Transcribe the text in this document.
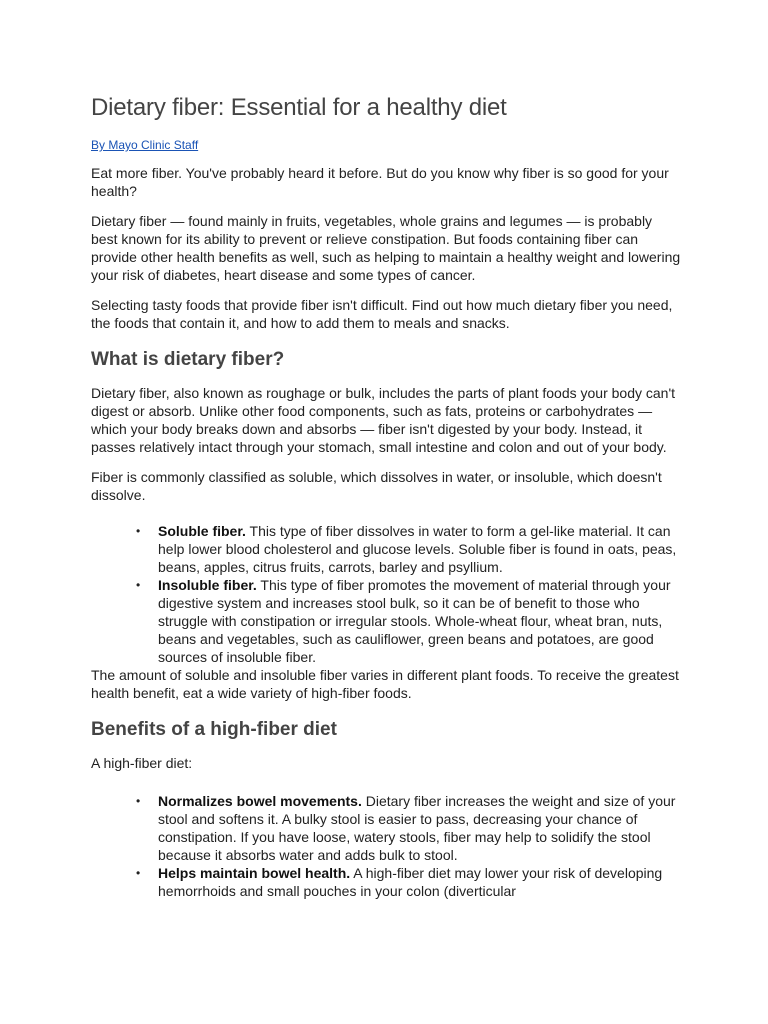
Dietary fiber: Essential for a healthy diet
By Mayo Clinic Staff

Eat more fiber. You've probably heard it before. But do you know why fiber is so good for your health?

Dietary fiber — found mainly in fruits, vegetables, whole grains and legumes — is probably best known for its ability to prevent or relieve constipation. But foods containing fiber can provide other health benefits as well, such as helping to maintain a healthy weight and lowering your risk of diabetes, heart disease and some types of cancer.

Selecting tasty foods that provide fiber isn't difficult. Find out how much dietary fiber you need, the foods that contain it, and how to add them to meals and snacks.

What is dietary fiber?

Dietary fiber, also known as roughage or bulk, includes the parts of plant foods your body can't digest or absorb. Unlike other food components, such as fats, proteins or carbohydrates — which your body breaks down and absorbs — fiber isn't digested by your body. Instead, it passes relatively intact through your stomach, small intestine and colon and out of your body.

Fiber is commonly classified as soluble, which dissolves in water, or insoluble, which doesn't dissolve.

• Soluble fiber. This type of fiber dissolves in water to form a gel-like material. It can help lower blood cholesterol and glucose levels. Soluble fiber is found in oats, peas, beans, apples, citrus fruits, carrots, barley and psyllium.
• Insoluble fiber. This type of fiber promotes the movement of material through your digestive system and increases stool bulk, so it can be of benefit to those who struggle with constipation or irregular stools. Whole-wheat flour, wheat bran, nuts, beans and vegetables, such as cauliflower, green beans and potatoes, are good sources of insoluble fiber.

The amount of soluble and insoluble fiber varies in different plant foods. To receive the greatest health benefit, eat a wide variety of high-fiber foods.

Benefits of a high-fiber diet

A high-fiber diet:

• Normalizes bowel movements. Dietary fiber increases the weight and size of your stool and softens it. A bulky stool is easier to pass, decreasing your chance of constipation. If you have loose, watery stools, fiber may help to solidify the stool because it absorbs water and adds bulk to stool.
• Helps maintain bowel health. A high-fiber diet may lower your risk of developing hemorrhoids and small pouches in your colon (diverticular
